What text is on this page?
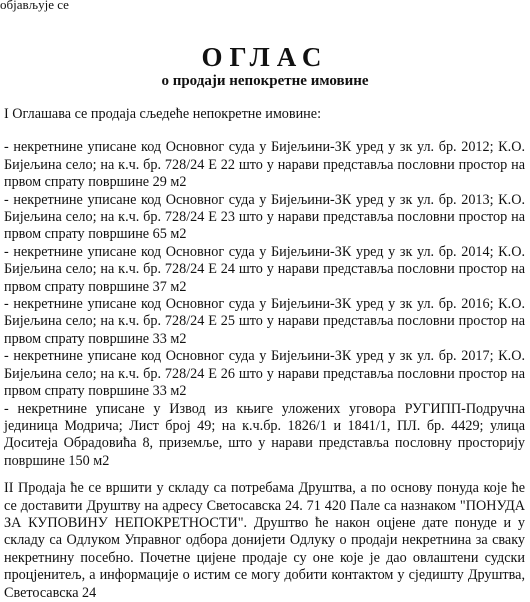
објављује се
ОГЛАС
о продаји непокретне имовине

I Оглашава се продаја сљедеће непокретне имовине:

- некретнине уписане код Основног суда у Бијељини-ЗК уред у зк ул. бр. 2012; К.О. Бијељина село; на к.ч. бр. 728/24 Е 22 што у нарави представља пословни простор на првом спрату површине 29 м2

- некретнине уписане код Основног суда у Бијељини-ЗК уред у зк ул. бр. 2013; К.О. Бијељина село; на к.ч. бр. 728/24 Е 23 што у нарави представља пословни простор на првом спрату површине 65 м2

- некретнине уписане код Основног суда у Бијељини-ЗК уред у зк ул. бр. 2014; К.О. Бијељина село; на к.ч. бр. 728/24 Е 24 што у нарави представља пословни простор на првом спрату површине 37 м2

- некретнине уписане код Основног суда у Бијељини-ЗК уред у зк ул. бр. 2016; К.О. Бијељина село; на к.ч. бр. 728/24 Е 25 што у нарави представља пословни простор на првом спрату површине 33 м2

- некретнине уписане код Основног суда у Бијељини-ЗК уред у зк ул. бр. 2017; К.О. Бијељина село; на к.ч. бр. 728/24 Е 26 што у нарави представља пословни простор на првом спрату површине 33 м2

- некретнине уписане у Извод из књиге уложених уговора РУГИПП-Подручна јединица Модрича; Лист број 49; на к.ч.бр. 1826/1 и 1841/1, ПЛ. бр. 4429; улица Доситеја Обрадовића 8, приземље, што у нарави представља пословну просторију површине 150 м2

II Продаја ће се вршити у складу са потребама Друштва, а по основу понуда које ће се доставити Друштву на адресу Светосавска 24. 71 420 Пале са назнаком "ПОНУДА ЗА КУПОВИНУ НЕПОКРЕТНОСТИ". Друштво ће након оцјене дате понуде и у складу са Одлуком Управног одбора донијети Одлуку о продаји некретнина за сваку некретнину посебно. Почетне цијене продаје су оне које је дао овлаштени судски процјенитељ, а информације о истим се могу добити контактом у сједишту Друштва, Светосавска 24
